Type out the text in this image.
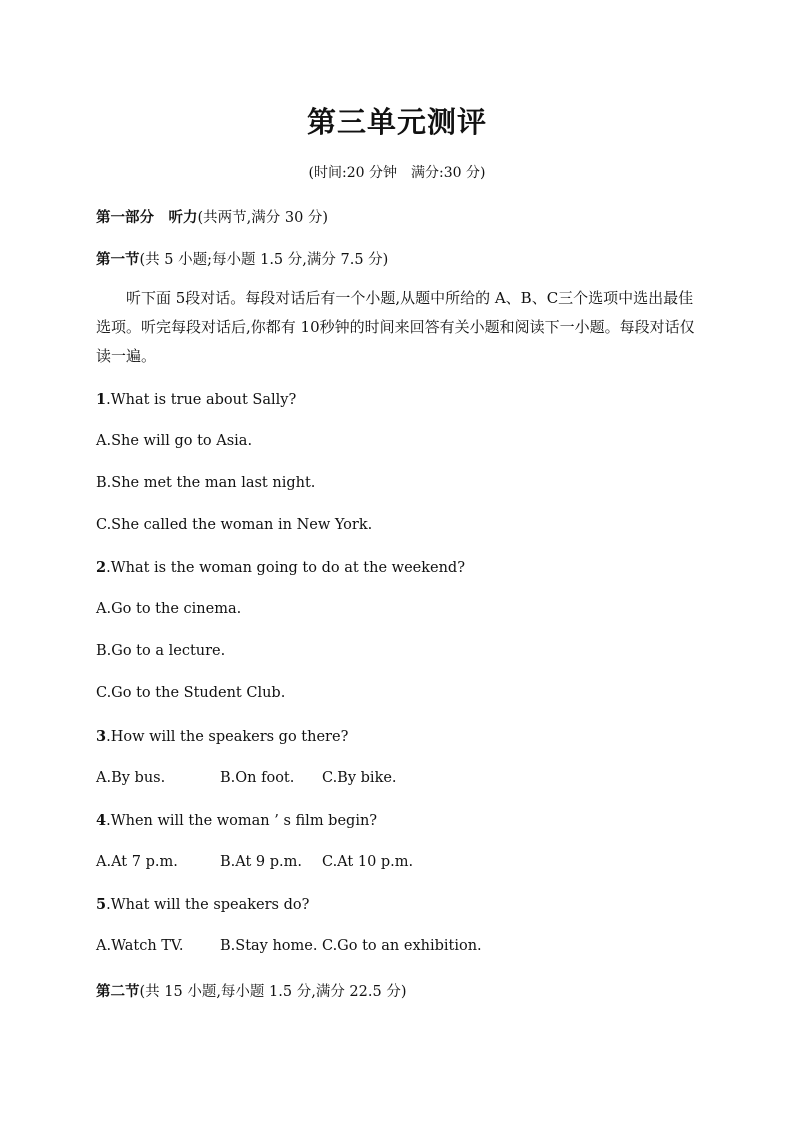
第三单元测评
(时间:20 分钟　满分:30 分)
第一部分　听力(共两节,满分 30 分)
第一节(共 5 小题;每小题 1.5 分,满分 7.5 分)
听下面 5段对话。每段对话后有一个小题,从题中所给的 A、B、C三个选项中选出最佳选项。听完每段对话后,你都有 10秒钟的时间来回答有关小题和阅读下一小题。每段对话仅读一遍。
1.What is true about Sally?
A.She will go to Asia.
B.She met the man last night.
C.She called the woman in New York.
2.What is the woman going to do at the weekend?
A.Go to the cinema.
B.Go to a lecture.
C.Go to the Student Club.
3.How will the speakers go there?
A.By bus.	B.On foot. C.By bike.
4.When will the woman ’ s film begin?
A.At 7 p.m.	B.At 9 p.m. C.At 10 p.m.
5.What will the speakers do?
A.Watch TV.	B.Stay home. C.Go to an exhibition.
第二节(共 15 小题,每小题 1.5 分,满分 22.5 分)
